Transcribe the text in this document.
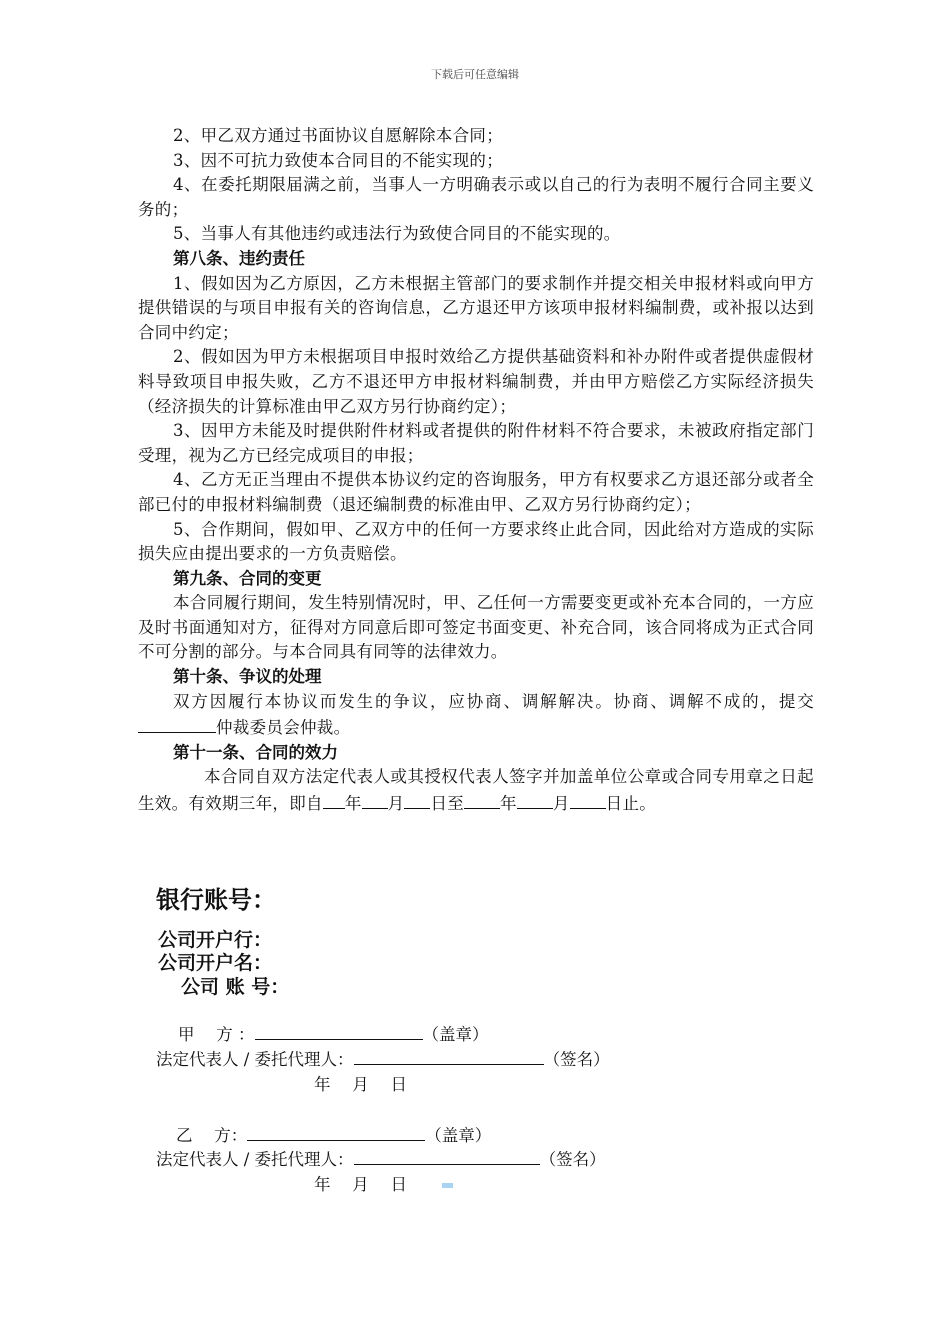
下载后可任意编辑

2、甲乙双方通过书面协议自愿解除本合同；

3、因不可抗力致使本合同目的不能实现的；

4、在委托期限届满之前，当事人一方明确表示或以自己的行为表明不履行合同主要义务的；

5、当事人有其他违约或违法行为致使合同目的不能实现的。

第八条、违约责任

1、假如因为乙方原因，乙方未根据主管部门的要求制作并提交相关申报材料或向甲方提供错误的与项目申报有关的咨询信息，乙方退还甲方该项申报材料编制费，或补报以达到合同中约定；

2、假如因为甲方未根据项目申报时效给乙方提供基础资料和补办附件或者提供虚假材料导致项目申报失败，乙方不退还甲方申报材料编制费，并由甲方赔偿乙方实际经济损失（经济损失的计算标准由甲乙双方另行协商约定）；

3、因甲方未能及时提供附件材料或者提供的附件材料不符合要求，未被政府指定部门受理，视为乙方已经完成项目的申报；

4、乙方无正当理由不提供本协议约定的咨询服务，甲方有权要求乙方退还部分或者全部已付的申报材料编制费（退还编制费的标准由甲、乙双方另行协商约定）；

5、合作期间，假如甲、乙双方中的任何一方要求终止此合同，因此给对方造成的实际损失应由提出要求的一方负责赔偿。

第九条、合同的变更

本合同履行期间，发生特别情况时，甲、乙任何一方需要变更或补充本合同的，一方应及时书面通知对方，征得对方同意后即可签定书面变更、补充合同，该合同将成为正式合同不可分割的部分。与本合同具有同等的法律效力。

第十条、争议的处理

双方因履行本协议而发生的争议，应协商、调解解决。协商、调解不成的，提交仲裁委员会仲裁。

第十一条、合同的效力

本合同自双方法定代表人或其授权代表人签字并加盖单位公章或合同专用章之日起生效。有效期三年，即自 年 月 日至 年 月 日止。

银行账号：
公司开户行：
公司开户名：
公司 账 号：
甲　 方 ：	（盖章）
法定代表人 / 委托代理人：	（签名）
年　 月　 日
乙　 方：	（盖章）
法定代表人 / 委托代理人：	（签名）
年　 月　 日
